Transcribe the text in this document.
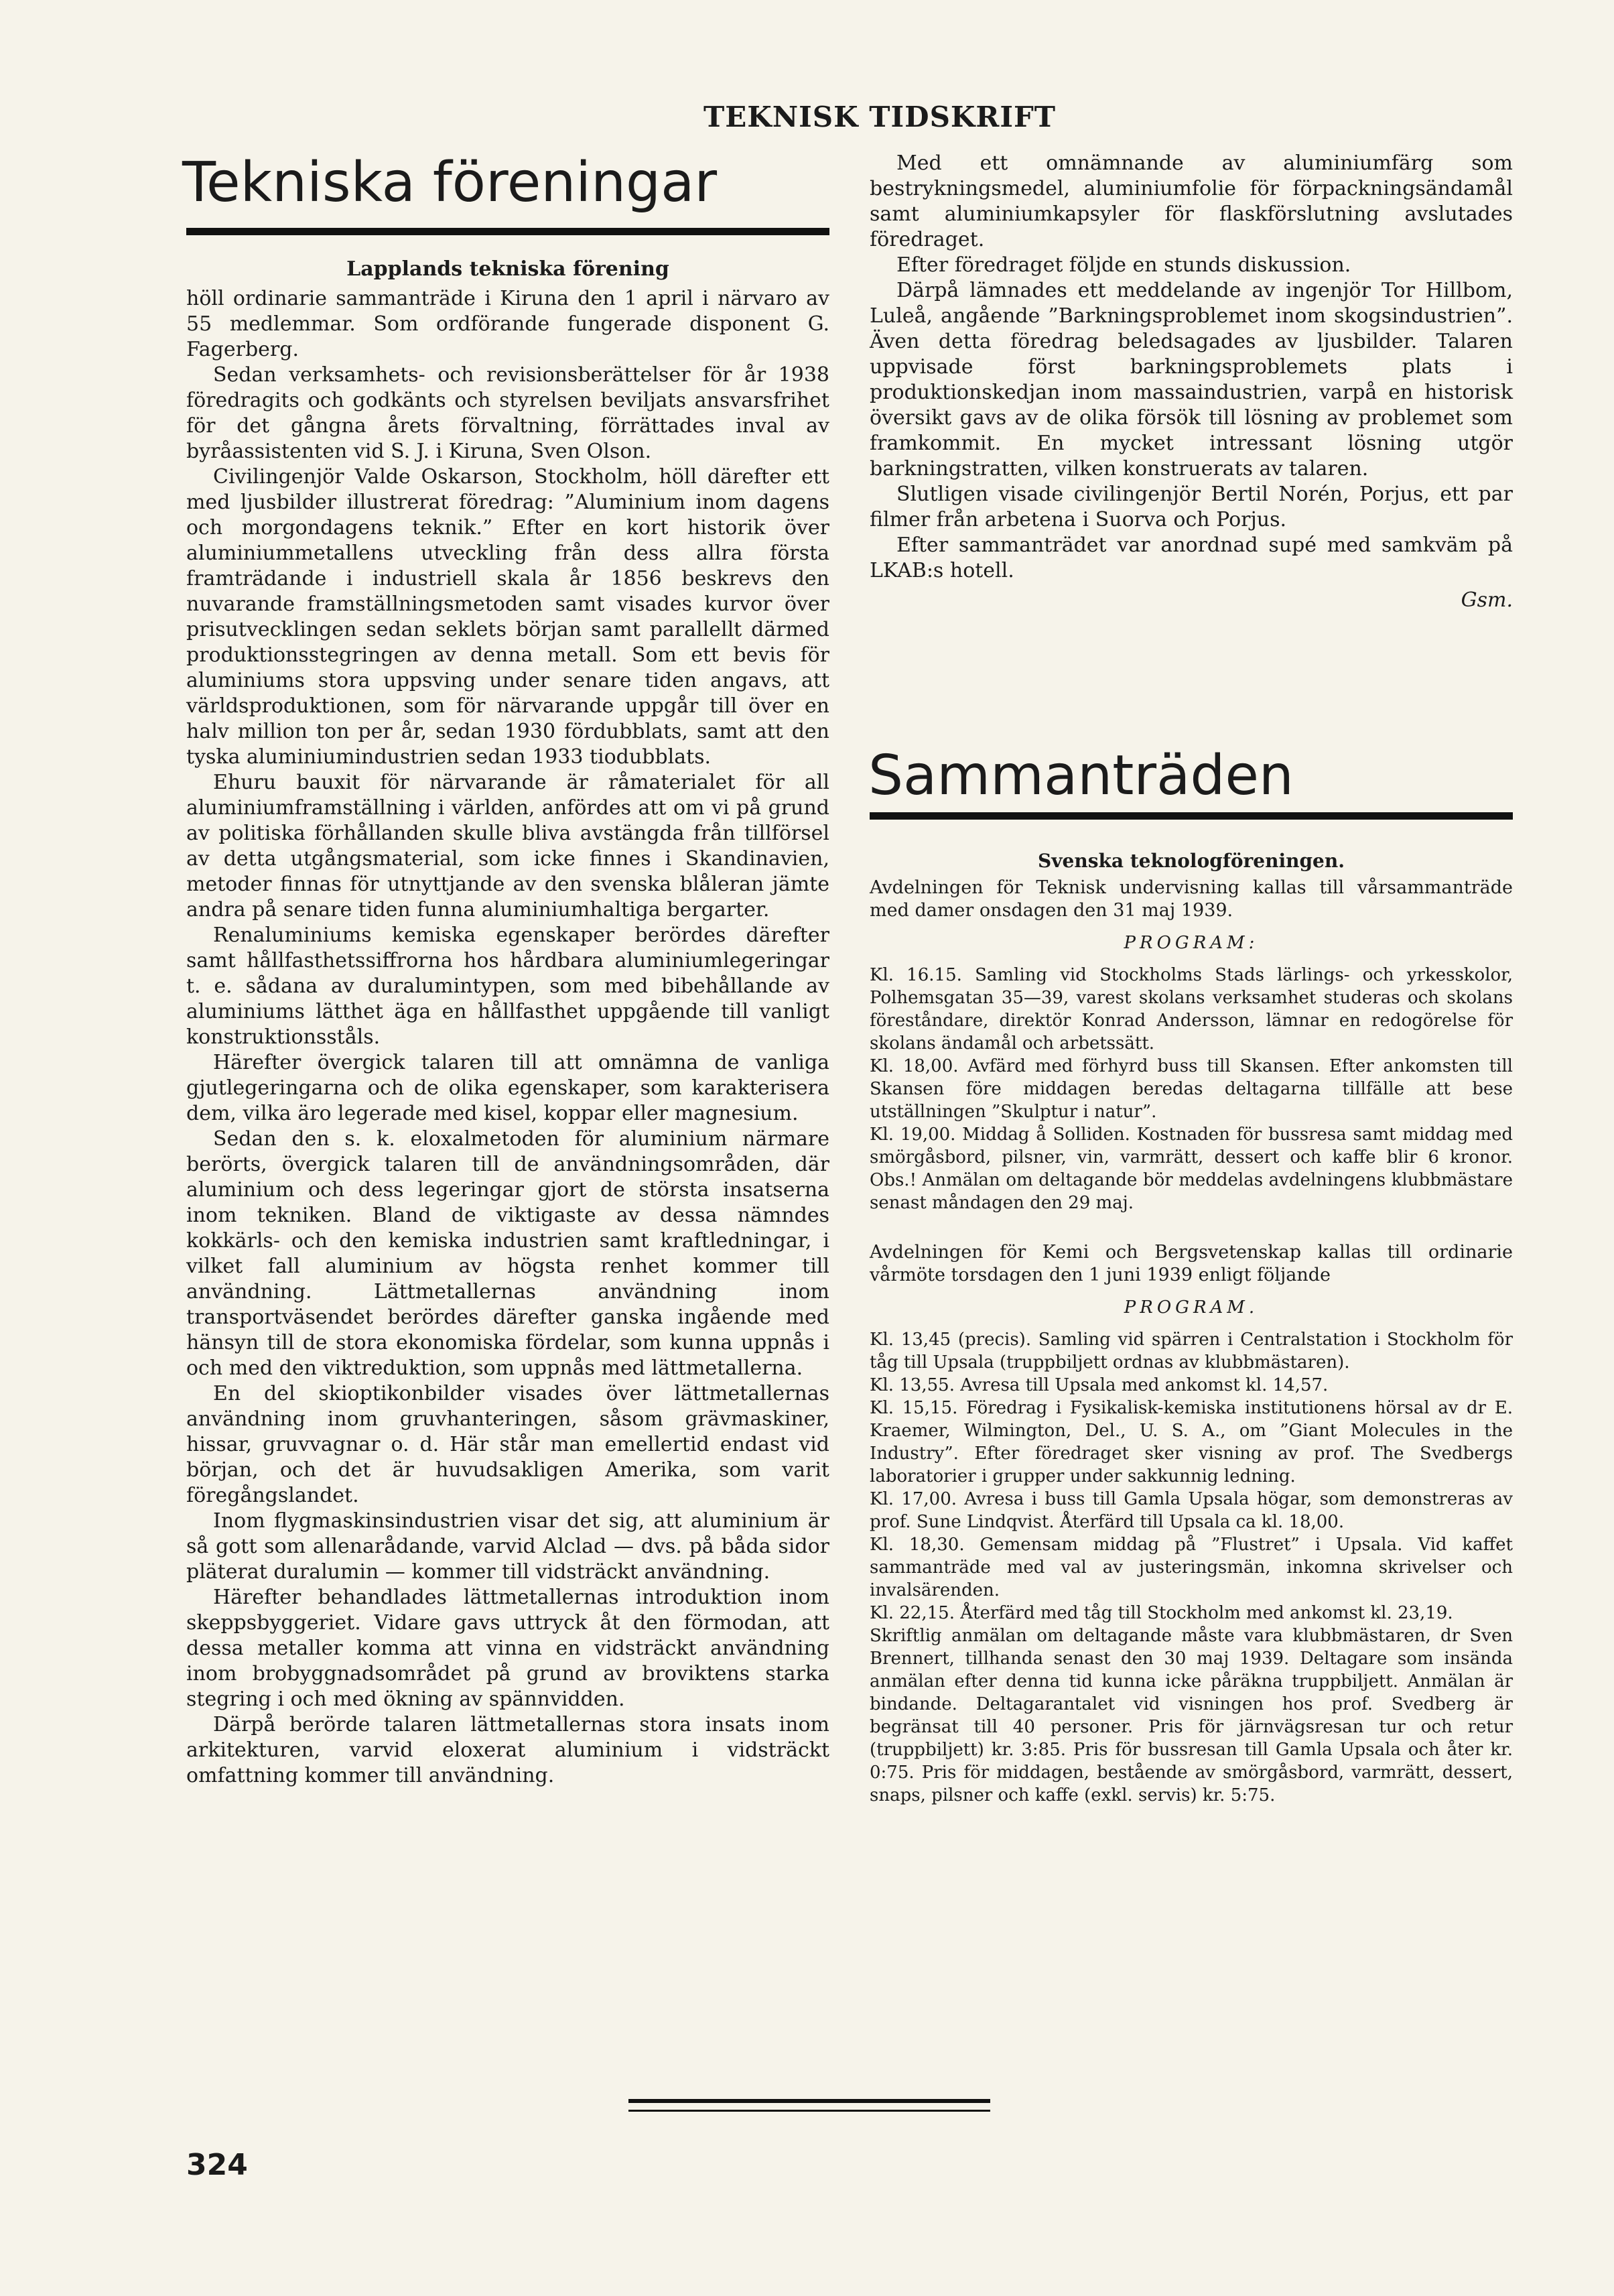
TEKNISK TIDSKRIFT
Tekniska föreningar
Lapplands tekniska förening

höll ordinarie sammanträde i Kiruna den 1 april i närvaro av 55 medlemmar. Som ordförande fungerade disponent G. Fagerberg.

Sedan verksamhets- och revisionsberättelser för år 1938 föredragits och godkänts och styrelsen beviljats ansvarsfrihet för det gångna årets förvaltning, förrättades inval av byråassistenten vid S. J. i Kiruna, Sven Olson.

Civilingenjör Valde Oskarson, Stockholm, höll därefter ett med ljusbilder illustrerat föredrag: ”Aluminium inom dagens och morgondagens teknik.” Efter en kort historik över aluminiummetallens utveckling från dess allra första framträdande i industriell skala år 1856 beskrevs den nuvarande framställningsmetoden samt visades kurvor över prisutvecklingen sedan seklets början samt parallellt därmed produktionsstegringen av denna metall. Som ett bevis för aluminiums stora uppsving under senare tiden angavs, att världsproduktionen, som för närvarande uppgår till över en halv million ton per år, sedan 1930 fördubblats, samt att den tyska aluminiumindustrien sedan 1933 tiodubblats.

Ehuru bauxit för närvarande är råmaterialet för all aluminiumframställning i världen, anfördes att om vi på grund av politiska förhållanden skulle bliva avstängda från tillförsel av detta utgångsmaterial, som icke finnes i Skandinavien, metoder finnas för utnyttjande av den svenska blåleran jämte andra på senare tiden funna aluminiumhaltiga bergarter.

Renaluminiums kemiska egenskaper berördes därefter samt hållfasthetssiffrorna hos hårdbara aluminiumlegeringar t. e. sådana av duralumintypen, som med bibehållande av aluminiums lätthet äga en hållfasthet uppgående till vanligt konstruktionsståls.

Härefter övergick talaren till att omnämna de vanliga gjutlegeringarna och de olika egenskaper, som karakterisera dem, vilka äro legerade med kisel, koppar eller magnesium.

Sedan den s. k. eloxalmetoden för aluminium närmare berörts, övergick talaren till de användningsområden, där aluminium och dess legeringar gjort de största insatserna inom tekniken. Bland de viktigaste av dessa nämndes kokkärls- och den kemiska industrien samt kraftledningar, i vilket fall aluminium av högsta renhet kommer till användning. Lättmetallernas användning inom transportväsendet berördes därefter ganska ingående med hänsyn till de stora ekonomiska fördelar, som kunna uppnås i och med den viktreduktion, som uppnås med lättmetallerna.

En del skioptikonbilder visades över lättmetallernas användning inom gruvhanteringen, såsom grävmaskiner, hissar, gruvvagnar o. d. Här står man emellertid endast vid början, och det är huvudsakligen Amerika, som varit föregångslandet.

Inom flygmaskinsindustrien visar det sig, att aluminium är så gott som allenarådande, varvid Alclad — dvs. på båda sidor pläterat duralumin — kommer till vidsträckt användning.

Härefter behandlades lättmetallernas introduktion inom skeppsbyggeriet. Vidare gavs uttryck åt den förmodan, att dessa metaller komma att vinna en vidsträckt användning inom brobyggnadsområdet på grund av broviktens starka stegring i och med ökning av spännvidden.

Därpå berörde talaren lättmetallernas stora insats inom arkitekturen, varvid eloxerat aluminium i vidsträckt omfattning kommer till användning.

Med ett omnämnande av aluminiumfärg som bestrykningsmedel, aluminiumfolie för förpackningsändamål samt aluminiumkapsyler för flaskförslutning avslutades föredraget.

Efter föredraget följde en stunds diskussion.

Därpå lämnades ett meddelande av ingenjör Tor Hillbom, Luleå, angående ”Barkningsproblemet inom skogsindustrien”. Även detta föredrag beledsagades av ljusbilder. Talaren uppvisade först barkningsproblemets plats i produktionskedjan inom massaindustrien, varpå en historisk översikt gavs av de olika försök till lösning av problemet som framkommit. En mycket intressant lösning utgör barkningstratten, vilken konstruerats av talaren.

Slutligen visade civilingenjör Bertil Norén, Porjus, ett par filmer från arbetena i Suorva och Porjus.

Efter sammanträdet var anordnad supé med samkväm på LKAB:s hotell.

Gsm.
Sammanträden
Svenska teknologföreningen.

Avdelningen för Teknisk undervisning kallas till vårsammanträde med damer onsdagen den 31 maj 1939.

PROGRAM:

Kl. 16.15. Samling vid Stockholms Stads lärlings- och yrkesskolor, Polhemsgatan 35—39, varest skolans verksamhet studeras och skolans föreståndare, direktör Konrad Andersson, lämnar en redogörelse för skolans ändamål och arbetssätt.

Kl. 18,00. Avfärd med förhyrd buss till Skansen. Efter ankomsten till Skansen före middagen beredas deltagarna tillfälle att bese utställningen ”Skulptur i natur”.

Kl. 19,00. Middag å Solliden. Kostnaden för bussresa samt middag med smörgåsbord, pilsner, vin, varmrätt, dessert och kaffe blir 6 kronor. Obs.! Anmälan om deltagande bör meddelas avdelningens klubbmästare senast måndagen den 29 maj.

Avdelningen för Kemi och Bergsvetenskap kallas till ordinarie vårmöte torsdagen den 1 juni 1939 enligt följande

PROGRAM.

Kl. 13,45 (precis). Samling vid spärren i Centralstation i Stockholm för tåg till Upsala (truppbiljett ordnas av klubbmästaren).

Kl. 13,55. Avresa till Upsala med ankomst kl. 14,57.

Kl. 15,15. Föredrag i Fysikalisk-kemiska institutionens hörsal av dr E. Kraemer, Wilmington, Del., U. S. A., om ”Giant Molecules in the Industry”. Efter föredraget sker visning av prof. The Svedbergs laboratorier i grupper under sakkunnig ledning.

Kl. 17,00. Avresa i buss till Gamla Upsala högar, som demonstreras av prof. Sune Lindqvist. Återfärd till Upsala ca kl. 18,00.

Kl. 18,30. Gemensam middag på ”Flustret” i Upsala. Vid kaffet sammanträde med val av justeringsmän, inkomna skrivelser och invalsärenden.

Kl. 22,15. Återfärd med tåg till Stockholm med ankomst kl. 23,19.

Skriftlig anmälan om deltagande måste vara klubbmästaren, dr Sven Brennert, tillhanda senast den 30 maj 1939. Deltagare som insända anmälan efter denna tid kunna icke påräkna truppbiljett. Anmälan är bindande. Deltagarantalet vid visningen hos prof. Svedberg är begränsat till 40 personer. Pris för järnvägsresan tur och retur (truppbiljett) kr. 3:85. Pris för bussresan till Gamla Upsala och åter kr. 0:75. Pris för middagen, bestående av smörgåsbord, varmrätt, dessert, snaps, pilsner och kaffe (exkl. servis) kr. 5:75.

324
